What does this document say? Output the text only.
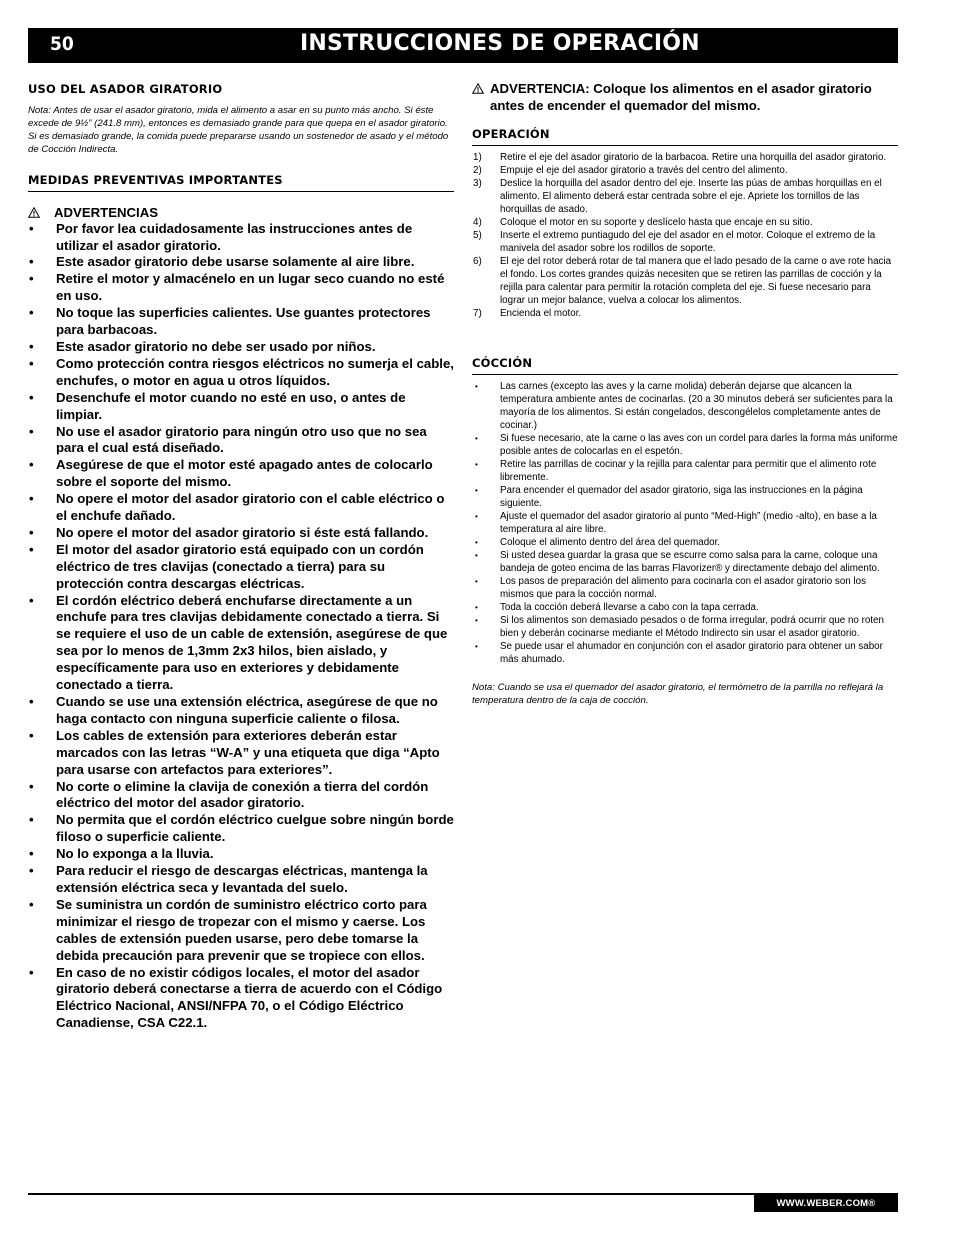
50	INSTRUCCIONES DE OPERACIÓN

USO DEL ASADOR GIRATORIO

Nota: Antes de usar el asador giratorio, mida el alimento a asar en su punto más ancho. Si éste excede de 9½” (241.8 mm), entonces es demasiado grande para que quepa en el asador giratorio. Si es demasiado grande, la comida puede prepararse usando un sostenedor de asado y el método de Cocción Indirecta.

MEDIDAS PREVENTIVAS IMPORTANTES

ADVERTENCIAS

• Por favor lea cuidadosamente las instrucciones antes de utilizar el asador giratorio.
• Este asador giratorio debe usarse solamente al aire libre.
• Retire el motor y almacénelo en un lugar seco cuando no esté en uso.
• No toque las superficies calientes. Use guantes protectores para barbacoas.
• Este asador giratorio no debe ser usado por niños.
• Como protección contra riesgos eléctricos no sumerja el cable, enchufes, o motor en agua u otros líquidos.
• Desenchufe el motor cuando no esté en uso, o antes de limpiar.
• No use el asador giratorio para ningún otro uso que no sea para el cual está diseñado.
• Asegúrese de que el motor esté apagado antes de colocarlo sobre el soporte del mismo.
• No opere el motor del asador giratorio con el cable eléctrico o el enchufe dañado.
• No opere el motor del asador giratorio si éste está fallando.
• El motor del asador giratorio está equipado con un cordón eléctrico de tres clavijas (conectado a tierra) para su protección contra descargas eléctricas.
• El cordón eléctrico deberá enchufarse directamente a un enchufe para tres clavijas debidamente conectado a tierra. Si se requiere el uso de un cable de extensión, asegúrese de que sea por lo menos de 1,3mm 2x3 hilos, bien aislado, y específicamente para uso en exteriores y debidamente conectado a tierra.
• Cuando se use una extensión eléctrica, asegúrese de que no haga contacto con ninguna superficie caliente o filosa.
• Los cables de extensión para exteriores deberán estar marcados con las letras “W-A” y una etiqueta que diga “Apto para usarse con artefactos para exteriores”.
• No corte o elimine la clavija de conexión a tierra del cordón eléctrico del motor del asador giratorio.
• No permita que el cordón eléctrico cuelgue sobre ningún borde filoso o superficie caliente.
• No lo exponga a la lluvia.
• Para reducir el riesgo de descargas eléctricas, mantenga la extensión eléctrica seca y levantada del suelo.
• Se suministra un cordón de suministro eléctrico corto para minimizar el riesgo de tropezar con el mismo y caerse. Los cables de extensión pueden usarse, pero debe tomarse la debida precaución para prevenir que se tropiece con ellos.
• En caso de no existir códigos locales, el motor del asador giratorio deberá conectarse a tierra de acuerdo con el Código Eléctrico Nacional, ANSI/NFPA 70, o el Código Eléctrico Canadiense, CSA C22.1.

ADVERTENCIA: Coloque los alimentos en el asador giratorio antes de encender el quemador del mismo.

OPERACIÓN

1) Retire el eje del asador giratorio de la barbacoa. Retire una horquilla del asador giratorio.
2) Empuje el eje del asador giratorio a través del centro del alimento.
3) Deslice la horquilla del asador dentro del eje. Inserte las púas de ambas horquillas en el alimento. El alimento deberá estar centrada sobre el eje. Apriete los tornillos de las horquillas de asado.
4) Coloque el motor en su soporte y deslícelo hasta que encaje en su sitio.
5) Inserte el extremo puntiagudo del eje del asador en el motor. Coloque el extremo de la manivela del asador sobre los rodillos de soporte.
6) El eje del rotor deberá rotar de tal manera que el lado pesado de la carne o ave rote hacia el fondo. Los cortes grandes quizás necesiten que se retiren las parrillas de cocción y la rejilla para calentar para permitir la rotación completa del eje. Si fuese necesario para lograr un mejor balance, vuelva a colocar los alimentos.
7) Encienda el motor.

CÓCCIÓN

• Las carnes (excepto las aves y la carne molida) deberán dejarse que alcancen la temperatura ambiente antes de cocinarlas. (20 a 30 minutos deberá ser suficientes para la mayoría de los alimentos. Si están congelados, descongélelos completamente antes de cocinar.)
• Si fuese necesario, ate la carne o las aves con un cordel para darles la forma más uniforme posible antes de colocarlas en el espetón.
• Retire las parrillas de cocinar y la rejilla para calentar para permitir que el alimento rote libremente.
• Para encender el quemador del asador giratorio, siga las instrucciones en la página siguiente.
• Ajuste el quemador del asador giratorio al punto “Med-High” (medio -alto), en base a la temperatura al aire libre.
• Coloque el alimento dentro del área del quemador.
• Si usted desea guardar la grasa que se escurre como salsa para la carne, coloque una bandeja de goteo encima de las barras Flavorizer® y directamente debajo del alimento.
• Los pasos de preparación del alimento para cocinarla con el asador giratorio son los mismos que para la cocción normal.
• Toda la cocción deberá llevarse a cabo con la tapa cerrada.
• Si los alimentos son demasiado pesados o de forma irregular, podrá ocurrir que no roten bien y deberán cocinarse mediante el Método Indirecto sin usar el asador giratorio.
• Se puede usar el ahumador en conjunción con el asador giratorio para obtener un sabor más ahumado.

Nota: Cuando se usa el quemador del asador giratorio, el termómetro de la parrilla no reflejará la temperatura dentro de la caja de cocción.

WWW.WEBER.COM®
